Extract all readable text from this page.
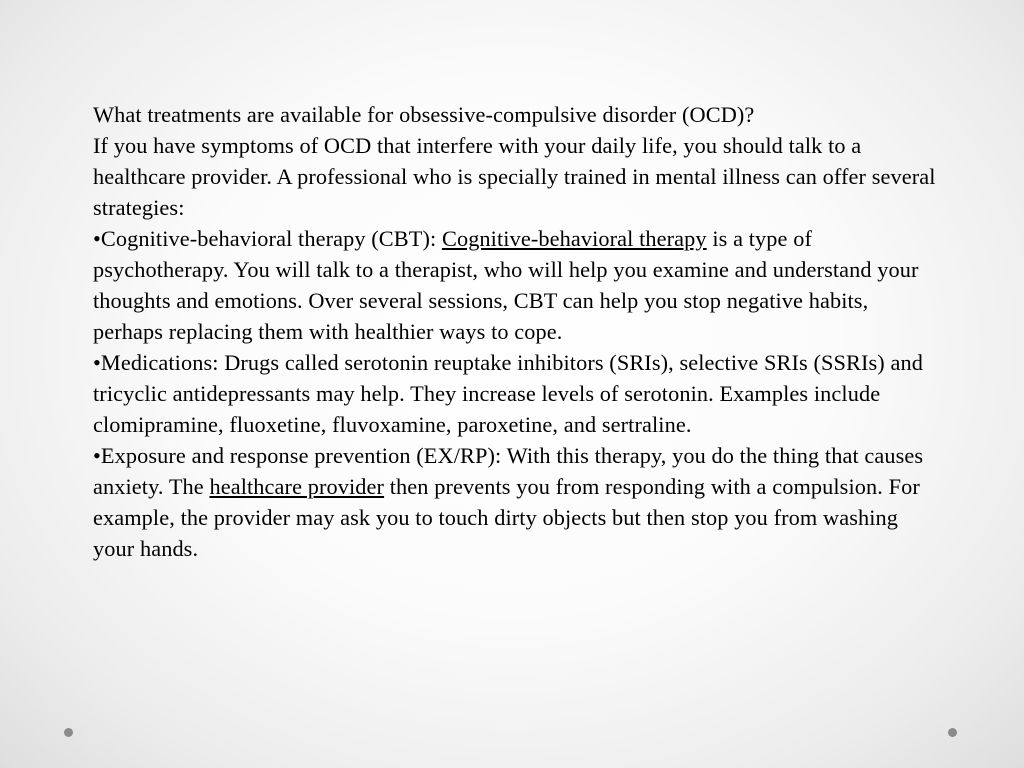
What treatments are available for obsessive-compulsive disorder (OCD)?

If you have symptoms of OCD that interfere with your daily life, you should talk to a healthcare provider. A professional who is specially trained in mental illness can offer several strategies:

•Cognitive-behavioral therapy (CBT): Cognitive-behavioral therapy is a type of psychotherapy. You will talk to a therapist, who will help you examine and understand your thoughts and emotions. Over several sessions, CBT can help you stop negative habits, perhaps replacing them with healthier ways to cope.

•Medications: Drugs called serotonin reuptake inhibitors (SRIs), selective SRIs (SSRIs) and tricyclic antidepressants may help. They increase levels of serotonin. Examples include clomipramine, fluoxetine, fluvoxamine, paroxetine, and sertraline.

•Exposure and response prevention (EX/RP): With this therapy, you do the thing that causes anxiety. The healthcare provider then prevents you from responding with a compulsion. For example, the provider may ask you to touch dirty objects but then stop you from washing your hands.
